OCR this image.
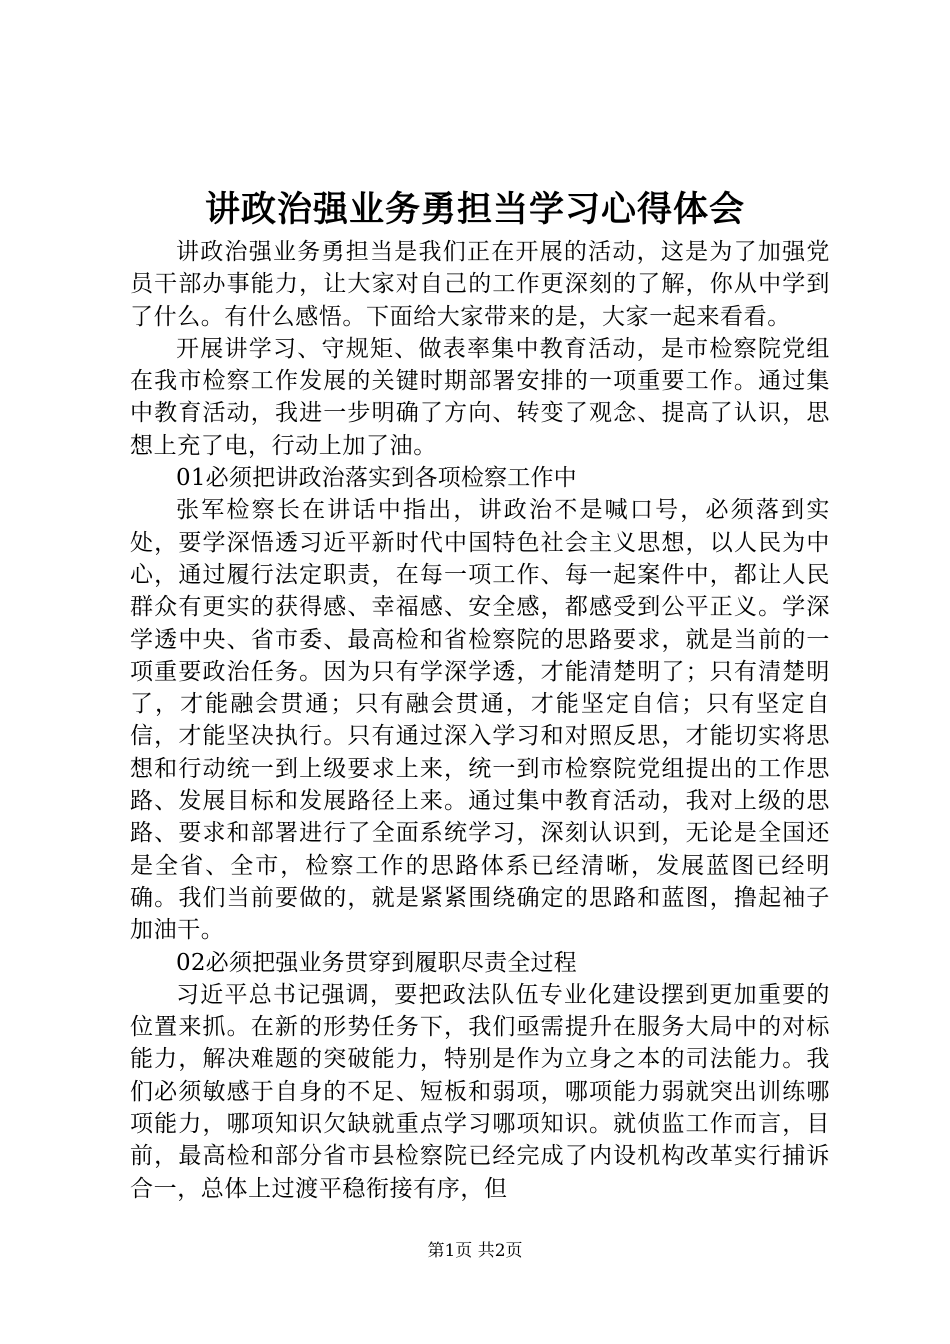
讲政治强业务勇担当学习心得体会

讲政治强业务勇担当是我们正在开展的活动，这是为了加强党员干部办事能力，让大家对自己的工作更深刻的了解，你从中学到了什么。有什么感悟。下面给大家带来的是，大家一起来看看。

开展讲学习、守规矩、做表率集中教育活动，是市检察院党组在我市检察工作发展的关键时期部署安排的一项重要工作。通过集中教育活动，我进一步明确了方向、转变了观念、提高了认识，思想上充了电，行动上加了油。

01必须把讲政治落实到各项检察工作中

张军检察长在讲话中指出，讲政治不是喊口号，必须落到实处，要学深悟透习近平新时代中国特色社会主义思想，以人民为中心，通过履行法定职责，在每一项工作、每一起案件中，都让人民群众有更实的获得感、幸福感、安全感，都感受到公平正义。学深学透中央、省市委、最高检和省检察院的思路要求，就是当前的一项重要政治任务。因为只有学深学透，才能清楚明了；只有清楚明了，才能融会贯通；只有融会贯通，才能坚定自信；只有坚定自信，才能坚决执行。只有通过深入学习和对照反思，才能切实将思想和行动统一到上级要求上来，统一到市检察院党组提出的工作思路、发展目标和发展路径上来。通过集中教育活动，我对上级的思路、要求和部署进行了全面系统学习，深刻认识到，无论是全国还是全省、全市，检察工作的思路体系已经清晰，发展蓝图已经明确。我们当前要做的，就是紧紧围绕确定的思路和蓝图，撸起袖子加油干。

02必须把强业务贯穿到履职尽责全过程

习近平总书记强调，要把政法队伍专业化建设摆到更加重要的位置来抓。在新的形势任务下，我们亟需提升在服务大局中的对标能力，解决难题的突破能力，特别是作为立身之本的司法能力。我们必须敏感于自身的不足、短板和弱项，哪项能力弱就突出训练哪项能力，哪项知识欠缺就重点学习哪项知识。就侦监工作而言，目前，最高检和部分省市县检察院已经完成了内设机构改革实行捕诉合一，总体上过渡平稳衔接有序，但

第1页 共2页
